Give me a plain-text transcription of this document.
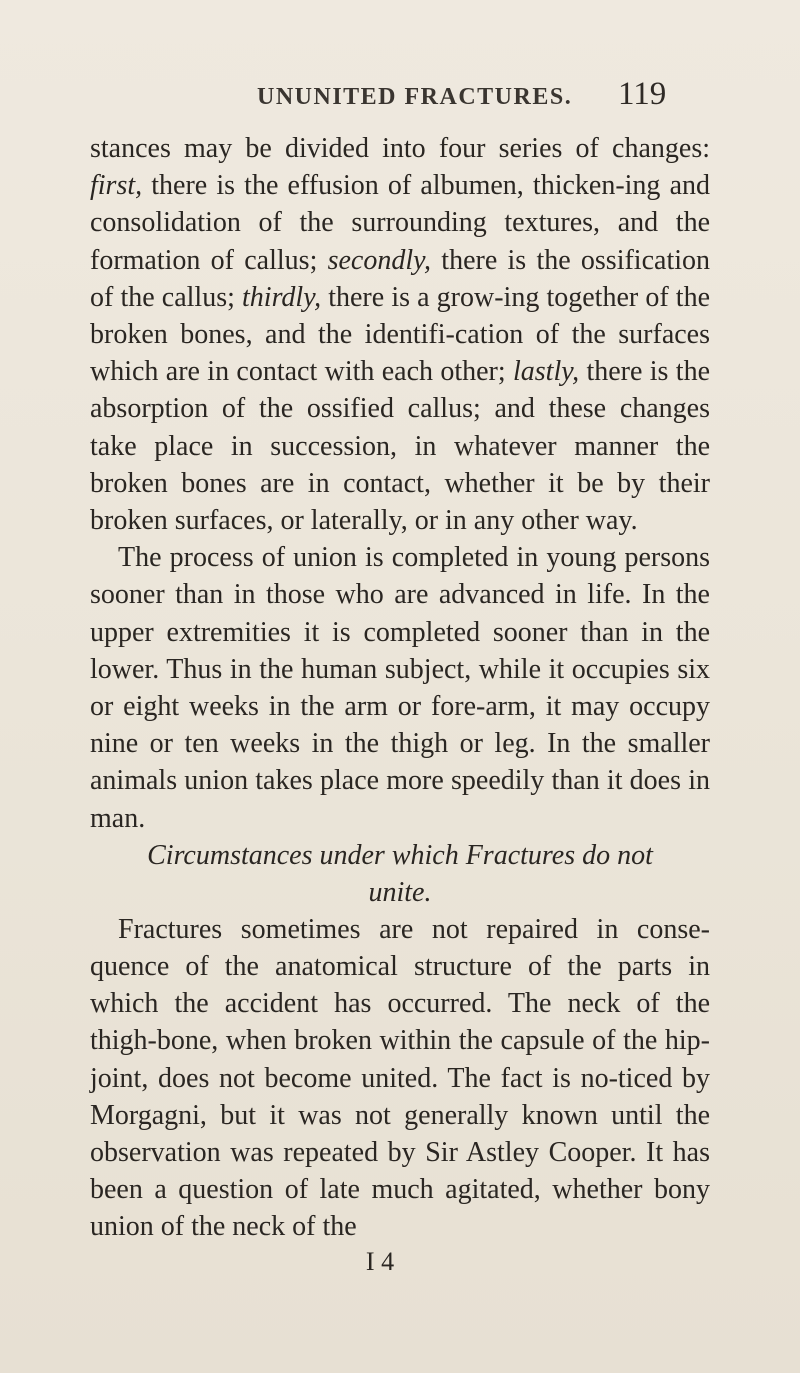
UNUNITED FRACTURES. 119

stances may be divided into four series of changes: first, there is the effusion of albumen, thicken-ing and consolidation of the surrounding textures, and the formation of callus; secondly, there is the ossification of the callus; thirdly, there is a grow-ing together of the broken bones, and the identifi-cation of the surfaces which are in contact with each other; lastly, there is the absorption of the ossified callus; and these changes take place in succession, in whatever manner the broken bones are in contact, whether it be by their broken surfaces, or laterally, or in any other way.

The process of union is completed in young persons sooner than in those who are advanced in life. In the upper extremities it is completed sooner than in the lower. Thus in the human subject, while it occupies six or eight weeks in the arm or fore-arm, it may occupy nine or ten weeks in the thigh or leg. In the smaller animals union takes place more speedily than it does in man.

Circumstances under which Fractures do not unite.

Fractures sometimes are not repaired in conse-quence of the anatomical structure of the parts in which the accident has occurred. The neck of the thigh-bone, when broken within the capsule of the hip-joint, does not become united. The fact is no-ticed by Morgagni, but it was not generally known until the observation was repeated by Sir Astley Cooper. It has been a question of late much agitated, whether bony union of the neck of the

I 4
